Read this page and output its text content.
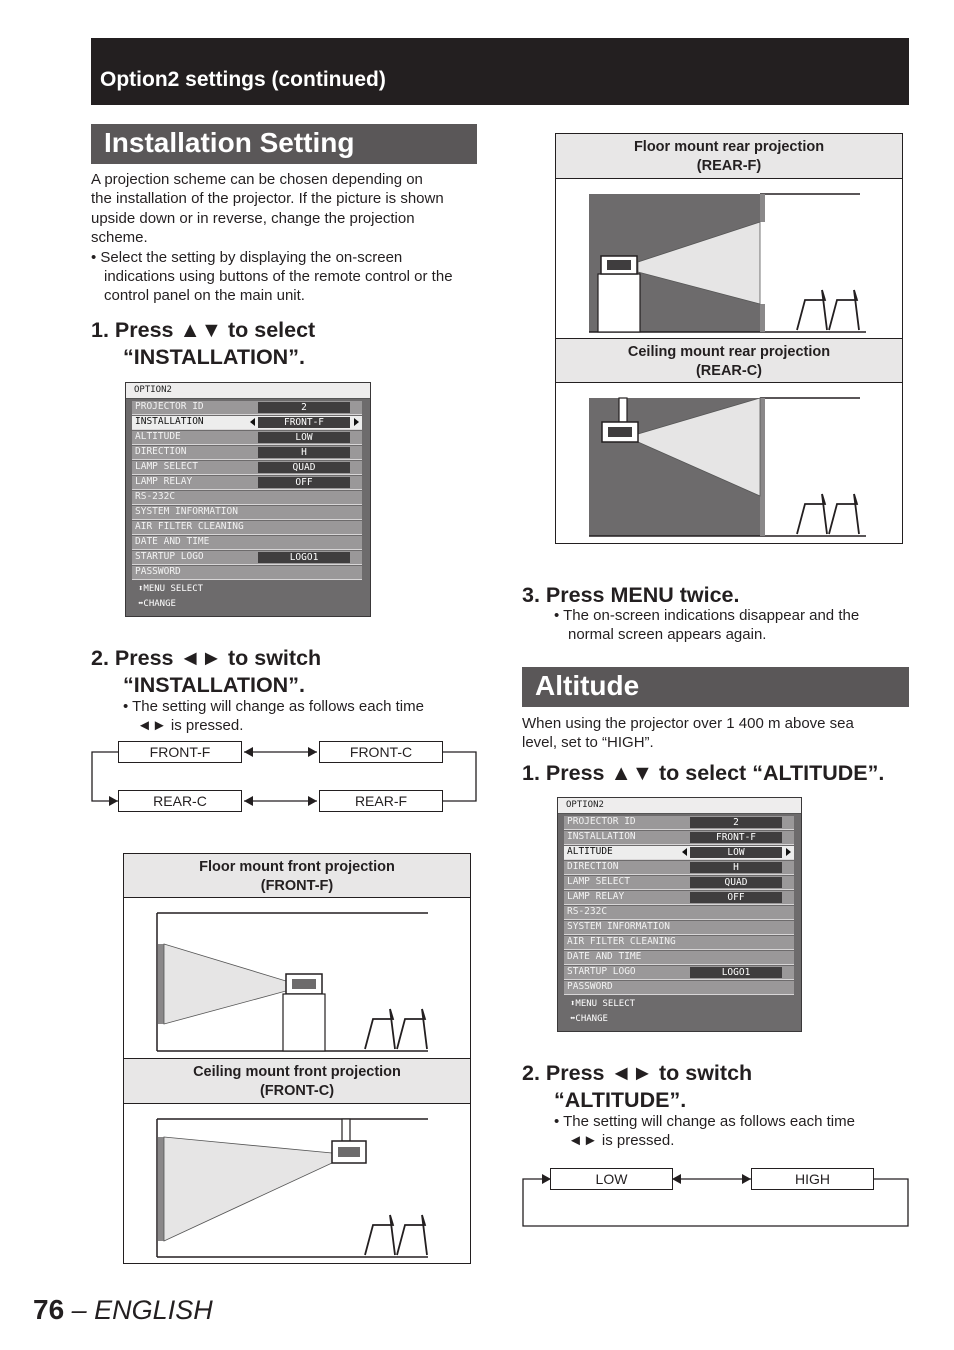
Option2 settings (continued)
Installation Setting
A projection scheme can be chosen depending on
the installation of the projector. If the picture is shown
upside down or in reverse, change the projection
scheme.
• Select the setting by displaying the on-screen
indications using buttons of the remote control or the
control panel on the main unit.
1. Press ▲▼ to select
“INSTALLATION”.
OPTION2
PROJECTOR ID	2
INSTALLATION	FRONT-F
ALTITUDE	LOW
DIRECTION	H
LAMP SELECT	QUAD
LAMP RELAY	OFF
RS-232C
SYSTEM INFORMATION
AIR FILTER CLEANING
DATE AND TIME
STARTUP LOGO	LOGO1
PASSWORD
⬍MENU SELECT
⬌CHANGE
2. Press ◄► to switch
“INSTALLATION”.
• The setting will change as follows each time
◄► is pressed.
FRONT-F	FRONT-C
REAR-C	REAR-F
Floor mount front projection
(FRONT-F)
Ceiling mount front projection
(FRONT-C)
Floor mount rear projection
(REAR-F)
Ceiling mount rear projection
(REAR-C)
3. Press MENU twice.
• The on-screen indications disappear and the
normal screen appears again.
Altitude
When using the projector over 1 400 m above sea
level, set to “HIGH”.
1. Press ▲▼ to select “ALTITUDE”.
OPTION2
PROJECTOR ID	2
INSTALLATION	FRONT-F
ALTITUDE	LOW
DIRECTION	H
LAMP SELECT	QUAD
LAMP RELAY	OFF
RS-232C
SYSTEM INFORMATION
AIR FILTER CLEANING
DATE AND TIME
STARTUP LOGO	LOGO1
PASSWORD
⬍MENU SELECT
⬌CHANGE
2. Press ◄► to switch
“ALTITUDE”.
• The setting will change as follows each time
◄► is pressed.
LOW	HIGH
76 – ENGLISH
